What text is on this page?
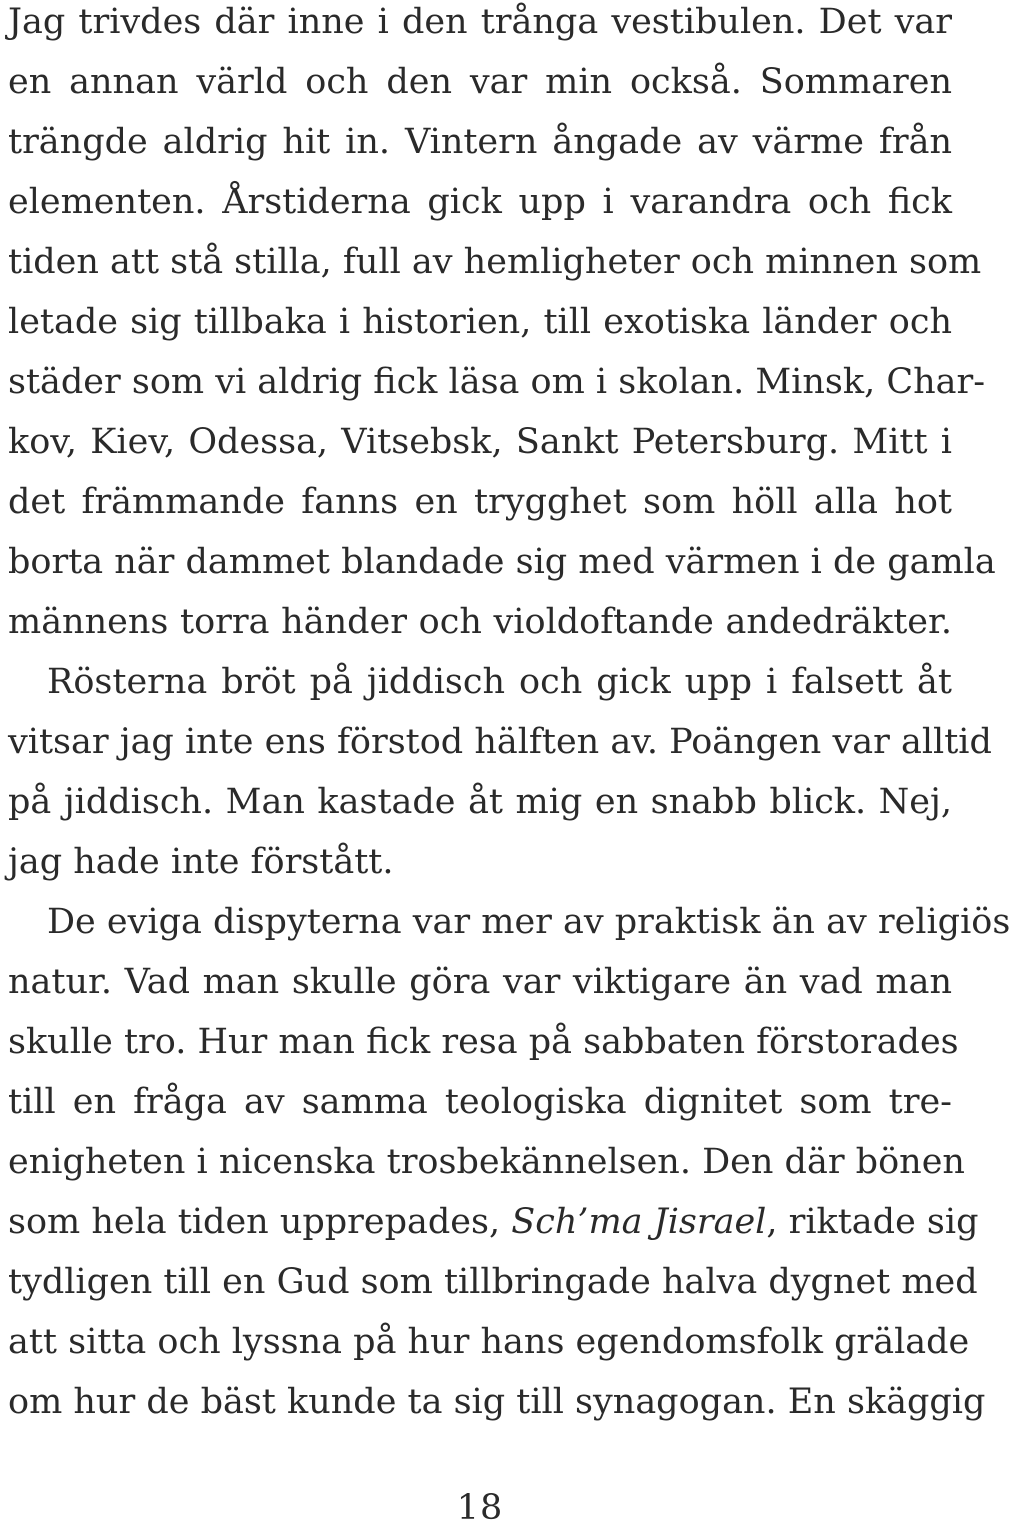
Jag trivdes där inne i den trånga vestibulen. Det var
en annan värld och den var min också. Sommaren
trängde aldrig hit in. Vintern ångade av värme från
elementen. Årstiderna gick upp i varandra och fick
tiden att stå stilla, full av hemligheter och minnen som
letade sig tillbaka i historien, till exotiska länder och
städer som vi aldrig fick läsa om i skolan. Minsk, Char-
kov, Kiev, Odessa, Vitsebsk, Sankt Petersburg. Mitt i
det främmande fanns en trygghet som höll alla hot
borta när dammet blandade sig med värmen i de gamla
männens torra händer och violdoftande andedräkter.
Rösterna bröt på jiddisch och gick upp i falsett åt
vitsar jag inte ens förstod hälften av. Poängen var alltid
på jiddisch. Man kastade åt mig en snabb blick. Nej,
jag hade inte förstått.
De eviga dispyterna var mer av praktisk än av religiös
natur. Vad man skulle göra var viktigare än vad man
skulle tro. Hur man fick resa på sabbaten förstorades
till en fråga av samma teologiska dignitet som tre-
enigheten i nicenska trosbekännelsen. Den där bönen
som hela tiden upprepades, Sch’ma Jisrael, riktade sig
tydligen till en Gud som tillbringade halva dygnet med
att sitta och lyssna på hur hans egendomsfolk grälade
om hur de bäst kunde ta sig till synagogan. En skäggig
18
